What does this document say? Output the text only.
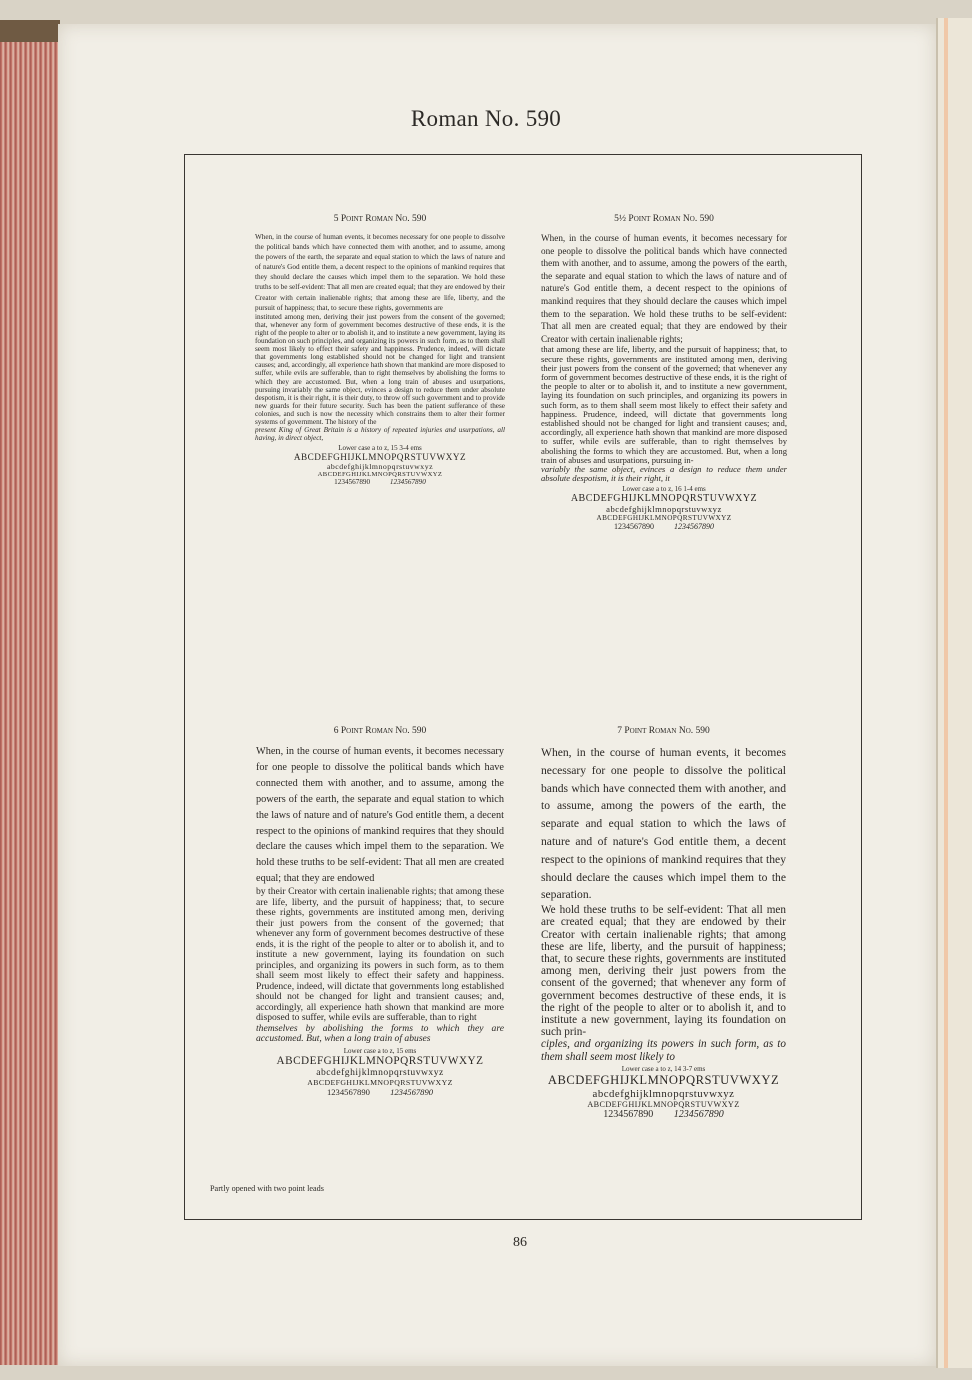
Roman No. 590
5 Point Roman No. 590

When, in the course of human events, it becomes necessary for one people to dissolve the political bands which have connected them with another, and to assume, among the powers of the earth, the separate and equal station to which the laws of nature and of nature's God entitle them, a decent respect to the opinions of mankind requires that they should declare the causes which impel them to the separation. We hold these truths to be self-evident: That all men are created equal; that they are endowed by their Creator with certain inalienable rights; that among these are life, liberty, and the pursuit of happiness; that, to secure these rights, governments are

instituted among men, deriving their just powers from the consent of the governed; that, whenever any form of government becomes destructive of these ends, it is the right of the people to alter or to abolish it, and to institute a new government, laying its foundation on such principles, and organizing its powers in such form, as to them shall seem most likely to effect their safety and happiness. Prudence, indeed, will dictate that governments long established should not be changed for light and transient causes; and, accordingly, all experience hath shown that mankind are more disposed to suffer, while evils are sufferable, than to right themselves by abolishing the forms to which they are accustomed. But, when a long train of abuses and usurpations, pursuing invariably the same object, evinces a design to reduce them under absolute despotism, it is their right, it is their duty, to throw off such government and to provide new guards for their future security. Such has been the patient sufferance of these colonies, and such is now the necessity which constrains them to alter their former systems of government. The history of the

present King of Great Britain is a history of repeated injuries and usurpations, all having, in direct object,

Lower case a to z, 15 3-4 ems
ABCDEFGHIJKLMNOPQRSTUVWXYZ
abcdefghijklmnopqrstuvwxyz
ABCDEFGHIJKLMNOPQRSTUVWXYZ
1234567890	1234567890
5½ Point Roman No. 590

When, in the course of human events, it becomes necessary for one people to dissolve the political bands which have connected them with another, and to assume, among the powers of the earth, the separate and equal station to which the laws of nature and of nature's God entitle them, a decent respect to the opinions of mankind requires that they should declare the causes which impel them to the separation. We hold these truths to be self-evident: That all men are created equal; that they are endowed by their Creator with certain inalienable rights;

that among these are life, liberty, and the pursuit of happiness; that, to secure these rights, governments are instituted among men, deriving their just powers from the consent of the governed; that whenever any form of government becomes destructive of these ends, it is the right of the people to alter or to abolish it, and to institute a new government, laying its foundation on such principles, and organizing its powers in such form, as to them shall seem most likely to effect their safety and happiness. Prudence, indeed, will dictate that governments long established should not be changed for light and transient causes; and, accordingly, all experience hath shown that mankind are more disposed to suffer, while evils are sufferable, than to right themselves by abolishing the forms to which they are accustomed. But, when a long train of abuses and usurpations, pursuing in-

variably the same object, evinces a design to reduce them under absolute despotism, it is their right, it

Lower case a to z, 16 1-4 ems
ABCDEFGHIJKLMNOPQRSTUVWXYZ
abcdefghijklmnopqrstuvwxyz
ABCDEFGHIJKLMNOPQRSTUVWXYZ
1234567890	1234567890
6 Point Roman No. 590

When, in the course of human events, it becomes necessary for one people to dissolve the political bands which have connected them with another, and to assume, among the powers of the earth, the separate and equal station to which the laws of nature and of nature's God entitle them, a decent respect to the opinions of mankind requires that they should declare the causes which impel them to the separation. We hold these truths to be self-evident: That all men are created equal; that they are endowed

by their Creator with certain inalienable rights; that among these are life, liberty, and the pursuit of happiness; that, to secure these rights, governments are instituted among men, deriving their just powers from the consent of the governed; that whenever any form of government becomes destructive of these ends, it is the right of the people to alter or to abolish it, and to institute a new government, laying its foundation on such principles, and organizing its powers in such form, as to them shall seem most likely to effect their safety and happiness. Prudence, indeed, will dictate that governments long established should not be changed for light and transient causes; and, accordingly, all experience hath shown that mankind are more disposed to suffer, while evils are sufferable, than to right

themselves by abolishing the forms to which they are accustomed. But, when a long train of abuses

Lower case a to z, 15 ems
ABCDEFGHIJKLMNOPQRSTUVWXYZ
abcdefghijklmnopqrstuvwxyz
ABCDEFGHIJKLMNOPQRSTUVWXYZ
1234567890 1234567890
7 Point Roman No. 590

When, in the course of human events, it becomes necessary for one people to dissolve the political bands which have connected them with another, and to assume, among the powers of the earth, the separate and equal station to which the laws of nature and of nature's God entitle them, a decent respect to the opinions of mankind requires that they should declare the causes which impel them to the separation.

We hold these truths to be self-evident: That all men are created equal; that they are endowed by their Creator with certain inalienable rights; that among these are life, liberty, and the pursuit of happiness; that, to secure these rights, governments are instituted among men, deriving their just powers from the consent of the governed; that whenever any form of government becomes destructive of these ends, it is the right of the people to alter or to abolish it, and to institute a new government, laying its foundation on such prin-

ciples, and organizing its powers in such form, as to them shall seem most likely to

Lower case a to z, 14 3-7 ems
ABCDEFGHIJKLMNOPQRSTUVWXYZ
abcdefghijklmnopqrstuvwxyz
ABCDEFGHIJKLMNOPQRSTUVWXYZ
1234567890 1234567890
Partly opened with two point leads
86
